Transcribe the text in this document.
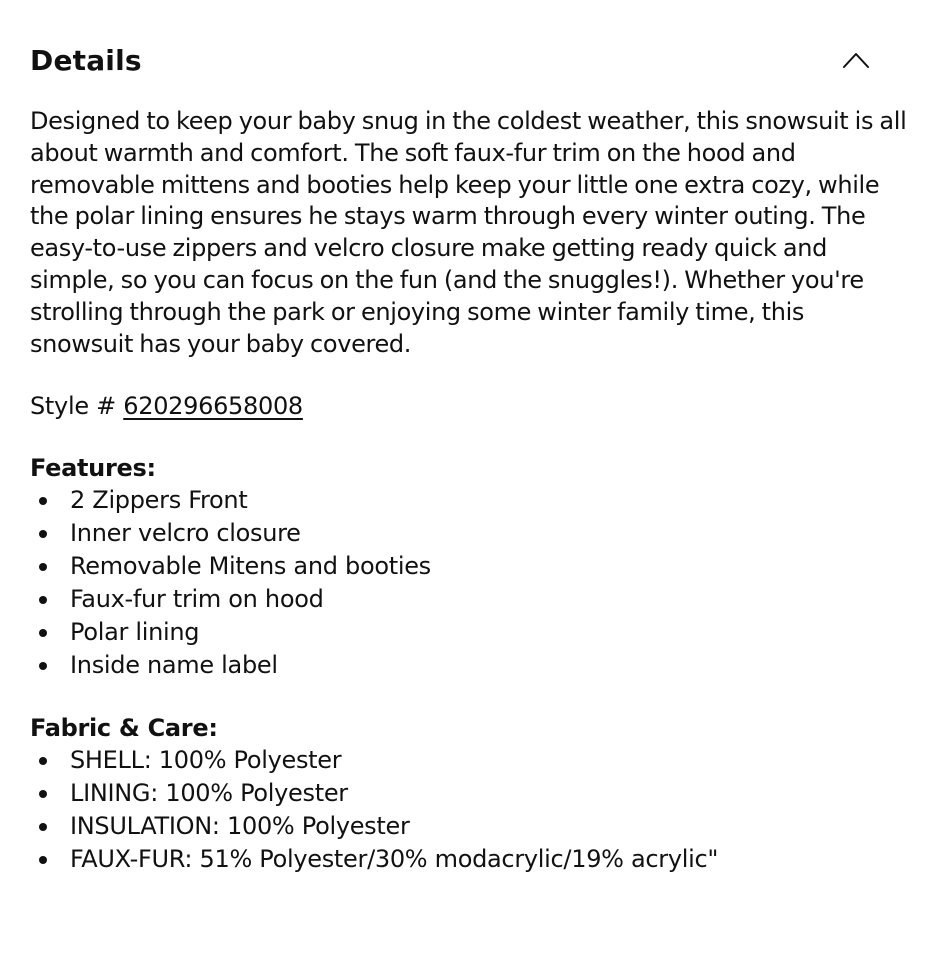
Details

Designed to keep your baby snug in the coldest weather, this snowsuit is all about warmth and comfort. The soft faux-fur trim on the hood and removable mittens and booties help keep your little one extra cozy, while the polar lining ensures he stays warm through every winter outing. The easy-to-use zippers and velcro closure make getting ready quick and simple, so you can focus on the fun (and the snuggles!). Whether you're strolling through the park or enjoying some winter family time, this snowsuit has your baby covered.

Style # 620296658008
Features:
2 Zippers Front
Inner velcro closure
Removable Mitens and booties
Faux-fur trim on hood
Polar lining
Inside name label
Fabric & Care:
SHELL: 100% Polyester
LINING: 100% Polyester
INSULATION: 100% Polyester
FAUX-FUR: 51% Polyester/30% modacrylic/19% acrylic"
